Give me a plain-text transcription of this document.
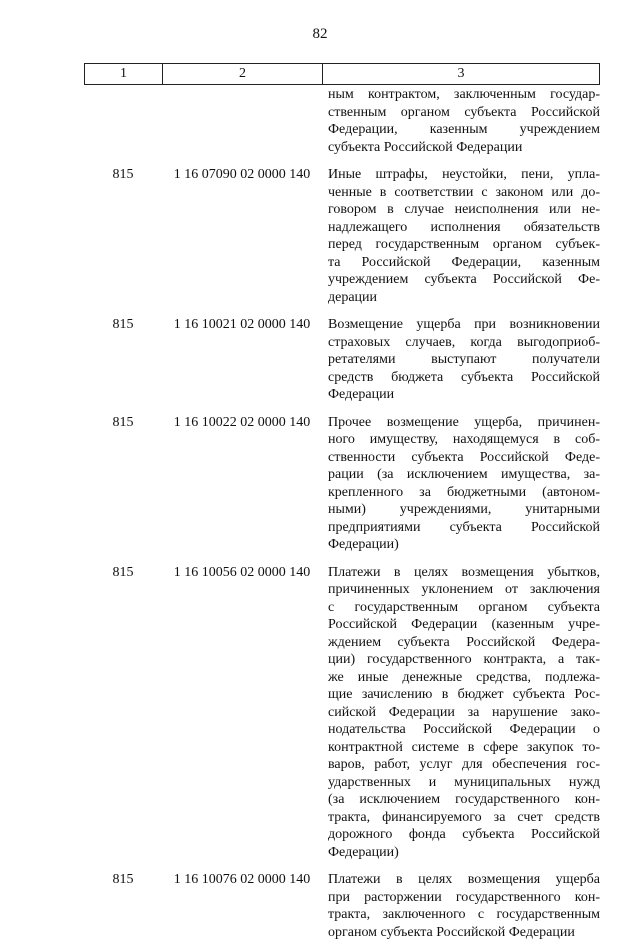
82
1	2	3
ным контрактом, заключенным государ-
ственным органом субъекта Российской
Федерации, казенным учреждением
субъекта Российской Федерации
815	1 16 07090 02 0000 140	Иные штрафы, неустойки, пени, упла-
ченные в соответствии с законом или до-
говором в случае неисполнения или не-
надлежащего исполнения обязательств
перед государственным органом субъек-
та Российской Федерации, казенным
учреждением субъекта Российской Фе-
дерации
815	1 16 10021 02 0000 140	Возмещение ущерба при возникновении
страховых случаев, когда выгодоприоб-
ретателями выступают получатели
средств бюджета субъекта Российской
Федерации
815	1 16 10022 02 0000 140	Прочее возмещение ущерба, причинен-
ного имуществу, находящемуся в соб-
ственности субъекта Российской Феде-
рации (за исключением имущества, за-
крепленного за бюджетными (автоном-
ными) учреждениями, унитарными
предприятиями субъекта Российской
Федерации)
815	1 16 10056 02 0000 140	Платежи в целях возмещения убытков,
причиненных уклонением от заключения
с государственным органом субъекта
Российской Федерации (казенным учре-
ждением субъекта Российской Федера-
ции) государственного контракта, а так-
же иные денежные средства, подлежа-
щие зачислению в бюджет субъекта Рос-
сийской Федерации за нарушение зако-
нодательства Российской Федерации о
контрактной системе в сфере закупок то-
варов, работ, услуг для обеспечения гос-
ударственных и муниципальных нужд
(за исключением государственного кон-
тракта, финансируемого за счет средств
дорожного фонда субъекта Российской
Федерации)
815	1 16 10076 02 0000 140	Платежи в целях возмещения ущерба
при расторжении государственного кон-
тракта, заключенного с государственным
органом субъекта Российской Федерации
